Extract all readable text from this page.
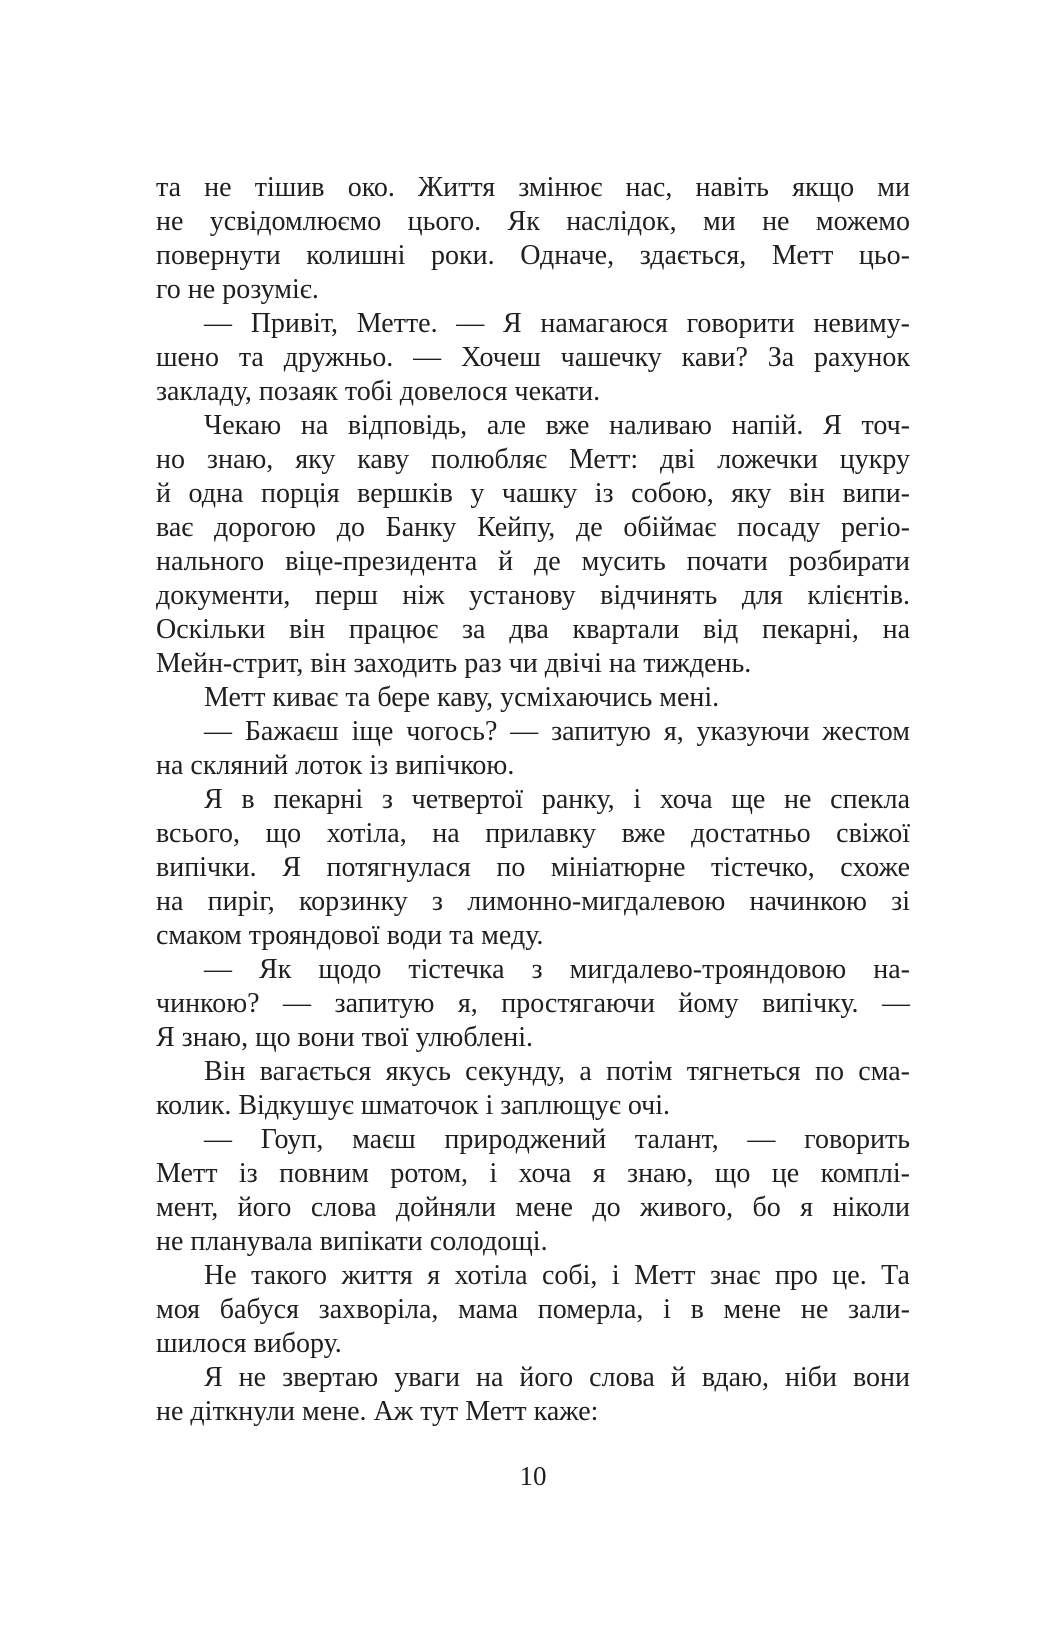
та не тішив око. Життя змінює нас, навіть якщо ми
не усвідомлюємо цього. Як наслідок, ми не можемо
повернути колишні роки. Одначе, здається, Метт цьо-
го не розуміє.
— Привіт, Метте. — Я намагаюся говорити невиму-
шено та дружньо. — Хочеш чашечку кави? За рахунок
закладу, позаяк тобі довелося чекати.
Чекаю на відповідь, але вже наливаю напій. Я точ-
но знаю, яку каву полюбляє Метт: дві ложечки цукру
й одна порція вершків у чашку із собою, яку він випи-
ває дорогою до Банку Кейпу, де обіймає посаду регіо-
нального віце-президента й де мусить почати розбирати
документи, перш ніж установу відчинять для клієнтів.
Оскільки він працює за два квартали від пекарні, на
Мейн-стрит, він заходить раз чи двічі на тиждень.
Метт киває та бере каву, усміхаючись мені.
— Бажаєш іще чогось? — запитую я, указуючи жестом
на скляний лоток із випічкою.
Я в пекарні з четвертої ранку, і хоча ще не спекла
всього, що хотіла, на прилавку вже достатньо свіжої
випічки. Я потягнулася по мініатюрне тістечко, схоже
на пиріг, корзинку з лимонно-мигдалевою начинкою зі
смаком трояндової води та меду.
— Як щодо тістечка з мигдалево-трояндовою на-
чинкою? — запитую я, простягаючи йому випічку. —
Я знаю, що вони твої улюблені.
Він вагається якусь секунду, а потім тягнеться по сма-
колик. Відкушує шматочок і заплющує очі.
— Гоуп, маєш природжений талант, — говорить
Метт із повним ротом, і хоча я знаю, що це комплі-
мент, його слова дойняли мене до живого, бо я ніколи
не планувала випікати солодощі.
Не такого життя я хотіла собі, і Метт знає про це. Та
моя бабуся захворіла, мама померла, і в мене не зали-
шилося вибору.
Я не звертаю уваги на його слова й вдаю, ніби вони
не діткнули мене. Аж тут Метт каже:
10
